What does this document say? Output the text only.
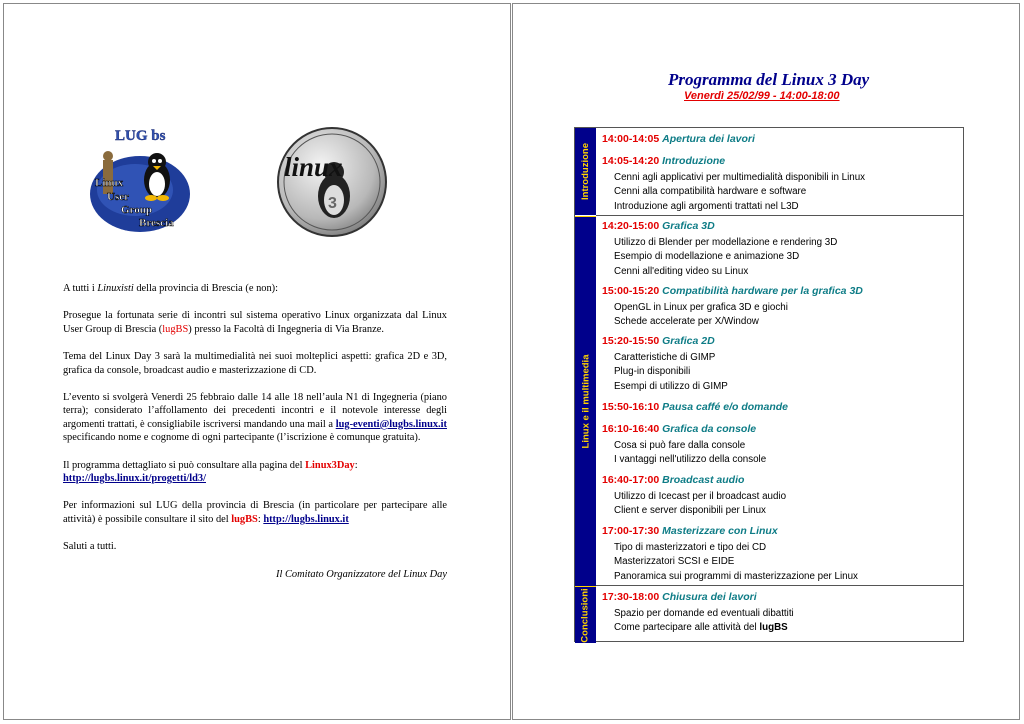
LUG bs
Linux
User
Group
Brescia
3
linux

A tutti i Linuxisti della provincia di Brescia (e non):

Prosegue la fortunata serie di incontri sul sistema operativo Linux organizzata dal Linux User Group di Brescia (lugBS) presso la Facoltà di Ingegneria di Via Branze.

Tema del Linux Day 3 sarà la multimedialità nei suoi molteplici aspetti: grafica 2D e 3D, grafica da console, broadcast audio e masterizzazione di CD.

L’evento si svolgerà Venerdì 25 febbraio dalle 14 alle 18 nell’aula N1 di Ingegneria (piano terra); considerato l’affollamento dei precedenti incontri e il notevole interesse degli argomenti trattati, è consigliabile iscriversi mandando una mail a lug-eventi@lugbs.linux.it specificando nome e cognome di ogni partecipante (l’iscrizione è comunque gratuita).

Il programma dettagliato si può consultare alla pagina del Linux3Day:
http://lugbs.linux.it/progetti/ld3/

Per informazioni sul LUG della provincia di Brescia (in particolare per partecipare alle attività) è possibile consultare il sito del lugBS: http://lugbs.linux.it

Saluti a tutti.

Il Comitato Organizzatore del Linux Day

Programma del Linux 3 Day
Venerdì 25/02/99 - 14:00-18:00
Introduzione
Linux e il multimedia
Conclusioni
14:00-14:05 Apertura dei lavori
14:05-14:20 Introduzione
Cenni agli applicativi per multimedialità disponibili in Linux
Cenni alla compatibilità hardware e software
Introduzione agli argomenti trattati nel L3D
14:20-15:00 Grafica 3D
Utilizzo di Blender per modellazione e rendering 3D
Esempio di modellazione e animazione 3D
Cenni all'editing video su Linux
15:00-15:20 Compatibilità hardware per la grafica 3D
OpenGL in Linux per grafica 3D e giochi
Schede accelerate per X/Window
15:20-15:50 Grafica 2D
Caratteristiche di GIMP
Plug-in disponibili
Esempi di utilizzo di GIMP
15:50-16:10 Pausa caffé e/o domande
16:10-16:40 Grafica da console
Cosa si può fare dalla console
I vantaggi nell'utilizzo della console
16:40-17:00 Broadcast audio
Utilizzo di Icecast per il broadcast audio
Client e server disponibili per Linux
17:00-17:30 Masterizzare con Linux
Tipo di masterizzatori e tipo dei CD
Masterizzatori SCSI e EIDE
Panoramica sui programmi di masterizzazione per Linux
17:30-18:00 Chiusura dei lavori
Spazio per domande ed eventuali dibattiti
Come partecipare alle attività del lugBS
